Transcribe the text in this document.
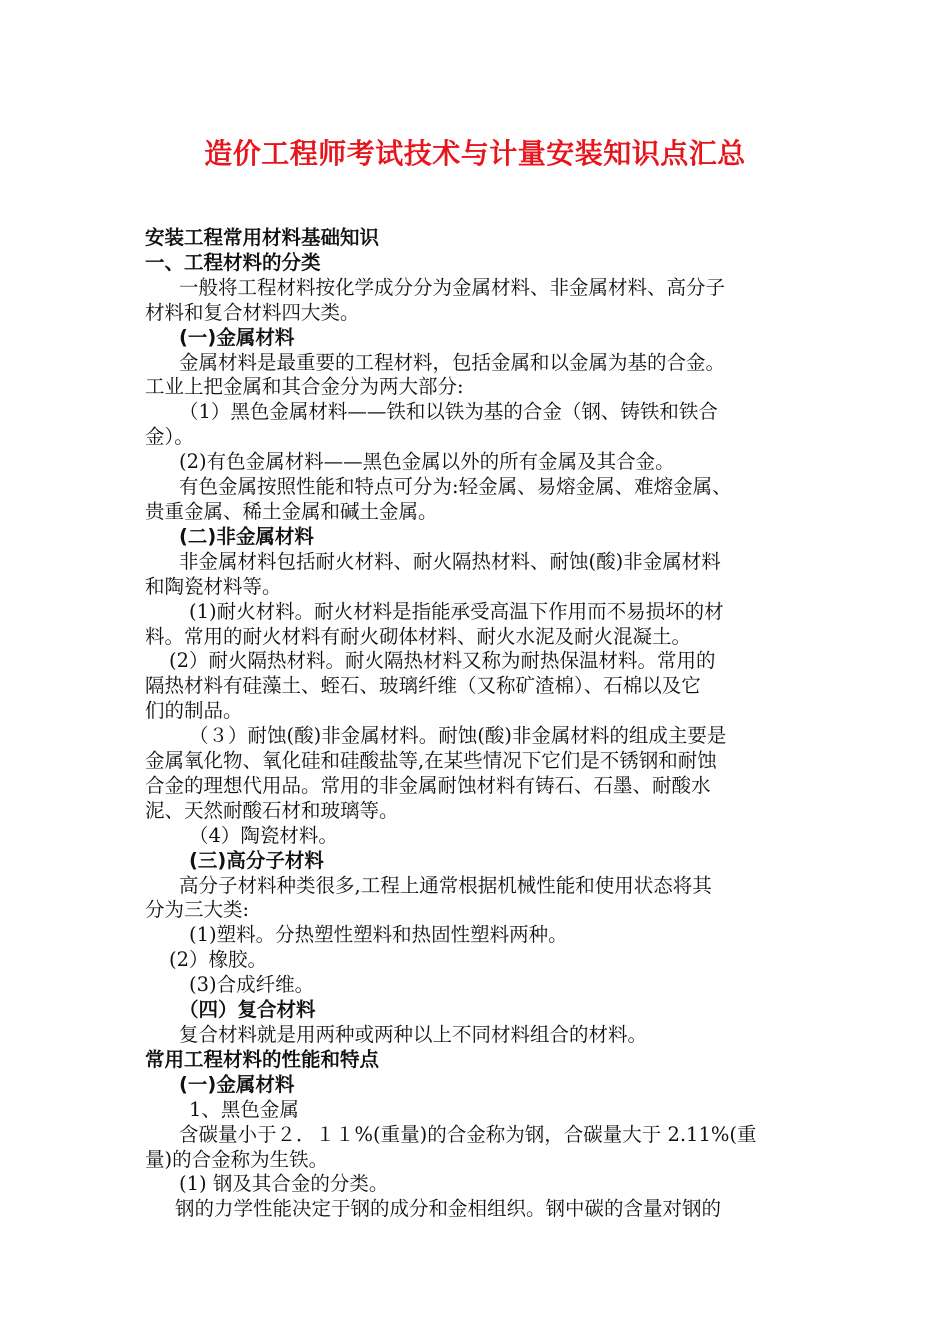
造价工程师考试技术与计量安装知识点汇总

安装工程常用材料基础知识

一、工程材料的分类

一般将工程材料按化学成分分为金属材料、非金属材料、高分子

材料和复合材料四大类。

(一)金属材料

金属材料是最重要的工程材料，包括金属和以金属为基的合金。

工业上把金属和其合金分为两大部分:

（1）黑色金属材料——铁和以铁为基的合金（钢、铸铁和铁合

金）。

(2)有色金属材料——黑色金属以外的所有金属及其合金。

有色金属按照性能和特点可分为:轻金属、易熔金属、难熔金属、

贵重金属、稀土金属和碱土金属。

(二)非金属材料

非金属材料包括耐火材料、耐火隔热材料、耐蚀(酸)非金属材料

和陶瓷材料等。

(1)耐火材料。耐火材料是指能承受高温下作用而不易损坏的材

料。常用的耐火材料有耐火砌体材料、耐火水泥及耐火混凝土。

(2）耐火隔热材料。耐火隔热材料又称为耐热保温材料。常用的

隔热材料有硅藻土、蛭石、玻璃纤维（又称矿渣棉）、石棉以及它

们的制品。

（３）耐蚀(酸)非金属材料。耐蚀(酸)非金属材料的组成主要是

金属氧化物、氧化硅和硅酸盐等,在某些情况下它们是不锈钢和耐蚀

合金的理想代用品。常用的非金属耐蚀材料有铸石、石墨、耐酸水

泥、天然耐酸石材和玻璃等。

（4）陶瓷材料。

(三)高分子材料

高分子材料种类很多,工程上通常根据机械性能和使用状态将其

分为三大类:

(1)塑料。分热塑性塑料和热固性塑料两种。

(2）橡胶。

(3)合成纤维。

（四）复合材料

复合材料就是用两种或两种以上不同材料组合的材料。

常用工程材料的性能和特点

(一)金属材料

1、黑色金属

含碳量小于２．１１%(重量)的合金称为钢，合碳量大于 2.11%(重

量)的合金称为生铁。

(1) 钢及其合金的分类。

钢的力学性能决定于钢的成分和金相组织。钢中碳的含量对钢的
